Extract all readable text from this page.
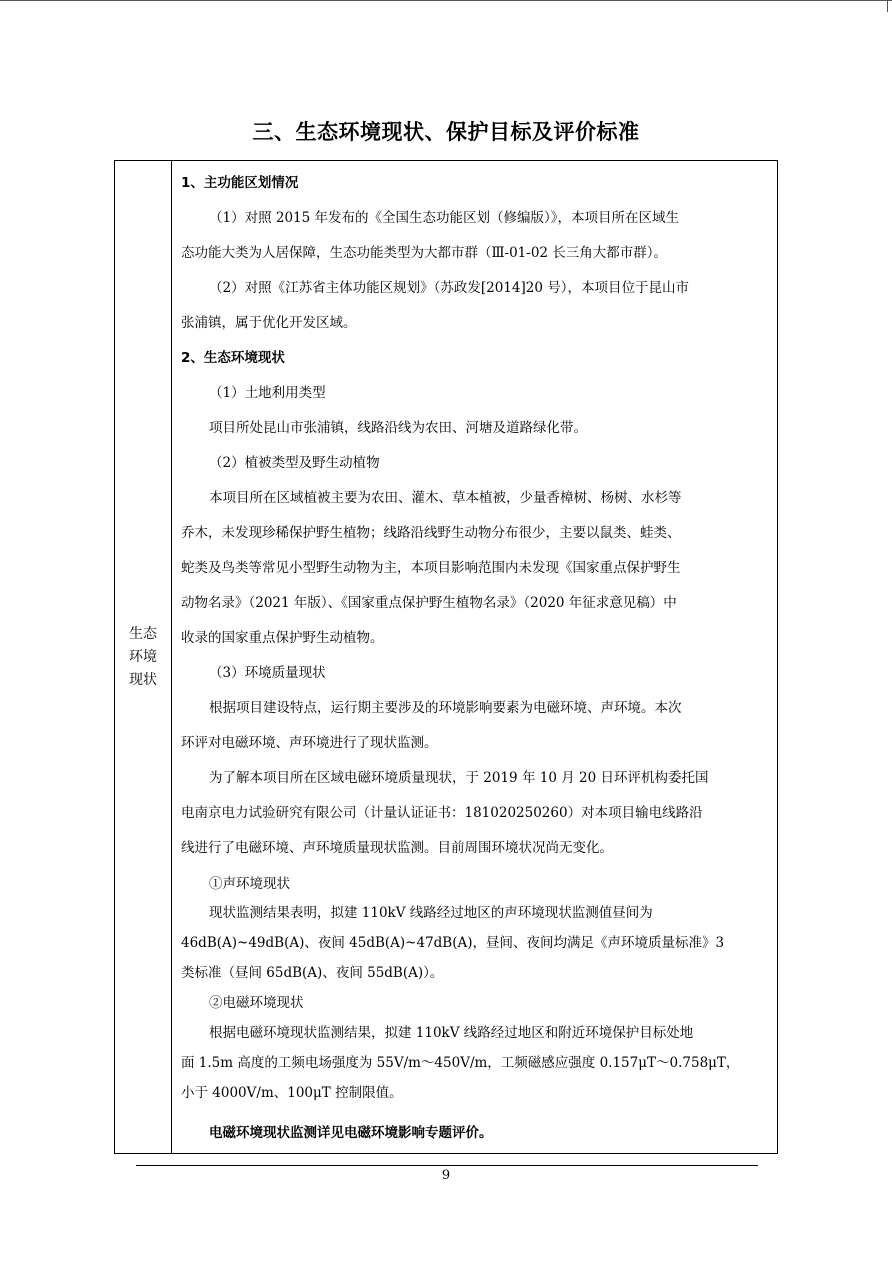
三、生态环境现状、保护目标及评价标准
生态环境现状
1、主功能区划情况
（1）对照 2015 年发布的《全国生态功能区划（修编版）》，本项目所在区域生
态功能大类为人居保障，生态功能类型为大都市群（Ⅲ-01-02 长三角大都市群）。
（2）对照《江苏省主体功能区规划》（苏政发[2014]20 号），本项目位于昆山市
张浦镇，属于优化开发区域。
2、生态环境现状
（1）土地利用类型
项目所处昆山市张浦镇，线路沿线为农田、河塘及道路绿化带。
（2）植被类型及野生动植物
本项目所在区域植被主要为农田、灌木、草本植被，少量香樟树、杨树、水杉等
乔木，未发现珍稀保护野生植物；线路沿线野生动物分布很少，主要以鼠类、蛙类、
蛇类及鸟类等常见小型野生动物为主，本项目影响范围内未发现《国家重点保护野生
动物名录》（2021 年版）、《国家重点保护野生植物名录》（2020 年征求意见稿）中
收录的国家重点保护野生动植物。
（3）环境质量现状
根据项目建设特点，运行期主要涉及的环境影响要素为电磁环境、声环境。本次
环评对电磁环境、声环境进行了现状监测。
为了解本项目所在区域电磁环境质量现状，于 2019 年 10 月 20 日环评机构委托国
电南京电力试验研究有限公司（计量认证证书：181020250260）对本项目输电线路沿
线进行了电磁环境、声环境质量现状监测。目前周围环境状况尚无变化。
①声环境现状
现状监测结果表明，拟建 110kV 线路经过地区的声环境现状监测值昼间为
46dB(A)~49dB(A)、夜间 45dB(A)~47dB(A)，昼间、夜间均满足《声环境质量标准》3
类标准（昼间 65dB(A)、夜间 55dB(A)）。
②电磁环境现状
根据电磁环境现状监测结果，拟建 110kV 线路经过地区和附近环境保护目标处地
面 1.5m 高度的工频电场强度为 55V/m～450V/m，工频磁感应强度 0.157μT～0.758μT，
小于 4000V/m、100μT 控制限值。
电磁环境现状监测详见电磁环境影响专题评价。
9
